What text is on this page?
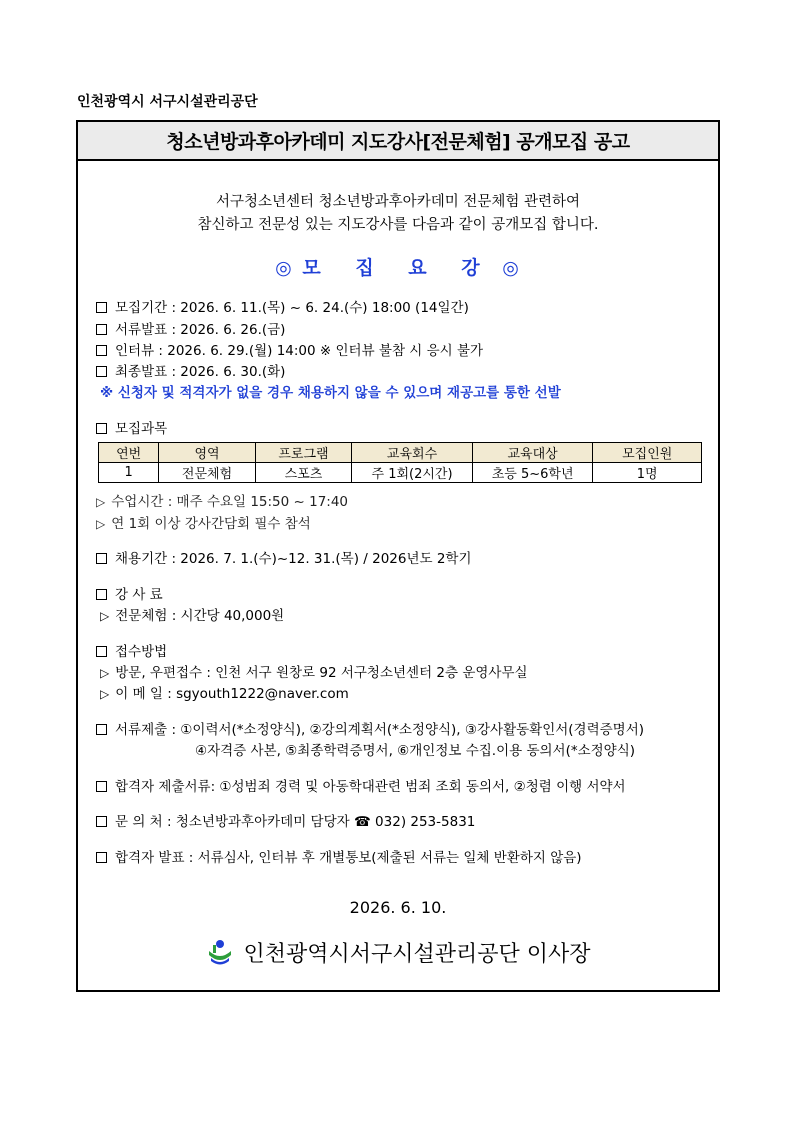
인천광역시 서구시설관리공단
청소년방과후아카데미 지도강사[전문체험] 공개모집 공고
서구청소년센터 청소년방과후아카데미 전문체험 관련하여
참신하고 전문성 있는 지도강사를 다음과 같이 공개모집 합니다.
◎ 모 집 요 강 ◎
모집기간 : 2026. 6. 11.(목) ~ 6. 24.(수) 18:00 (14일간)
서류발표 : 2026. 6. 26.(금)
인터뷰 : 2026. 6. 29.(월) 14:00 ※ 인터뷰 불참 시 응시 불가
최종발표 : 2026. 6. 30.(화)
※ 신청자 및 적격자가 없을 경우 채용하지 않을 수 있으며 재공고를 통한 선발
모집과목
연번	영역	프로그램	교육회수	교육대상	모집인원
1	전문체험	스포츠	주 1회(2시간)	초등 5~6학년	1명
▷ 수업시간 : 매주 수요일 15:50 ~ 17:40
▷ 연 1회 이상 강사간담회 필수 참석
채용기간 : 2026. 7. 1.(수)~12. 31.(목) / 2026년도 2학기
강 사 료
▷ 전문체험 : 시간당 40,000원
접수방법
▷ 방문, 우편접수 : 인천 서구 원창로 92 서구청소년센터 2층 운영사무실
▷ 이 메 일 : sgyouth1222@naver.com
서류제출 : ①이력서(*소정양식), ②강의계획서(*소정양식), ③강사활동확인서(경력증명서)
④자격증 사본, ⑤최종학력증명서, ⑥개인정보 수집.이용 동의서(*소정양식)
합격자 제출서류: ①성범죄 경력 및 아동학대관련 범죄 조회 동의서, ②청렴 이행 서약서
문 의 처 : 청소년방과후아카데미 담당자 ☎ 032) 253-5831
합격자 발표 : 서류심사, 인터뷰 후 개별통보(제출된 서류는 일체 반환하지 않음)
2026. 6. 10.
인천광역시서구시설관리공단 이사장
